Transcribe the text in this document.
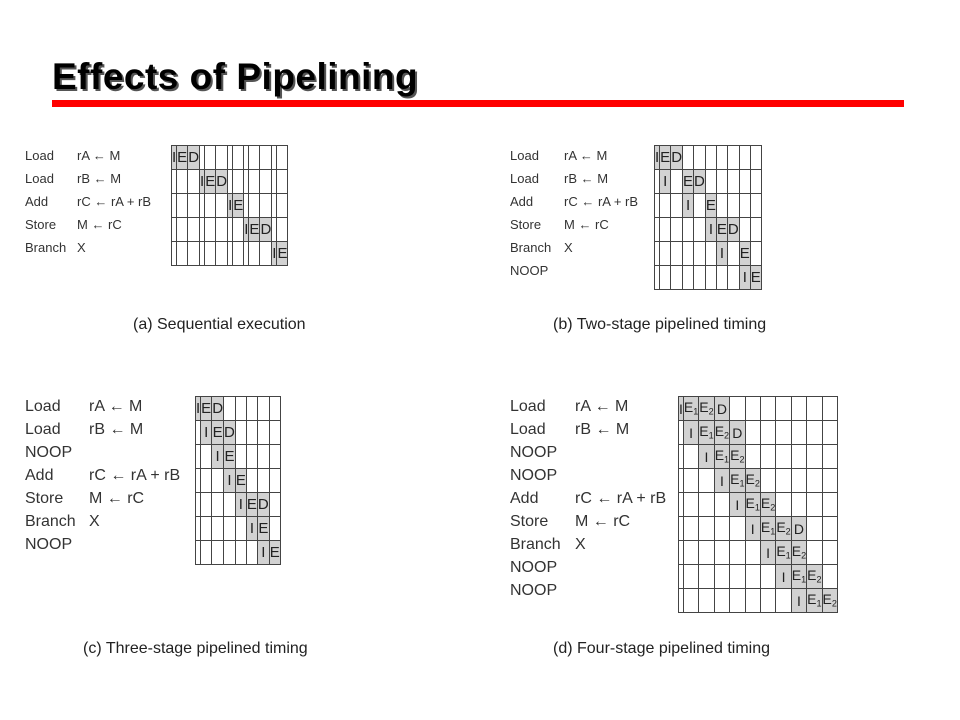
Effects of Pipelining
Load rA ← M
Load rB ← M
Add rC ← rA + rB
Store M ← rC
Branch X
I	E	D										
			I	E	D							
						I	E					
								I	E	D		
											I	E
(a) Sequential execution
Load rA ← M
Load rB ← M
Add rC ← rA + rB
Store M ← rC
Branch X
NOOP
I	E	D							
	I		E	D					
			I		E				
					I	E	D		
						I		E	
								I	E
(b) Two-stage pipelined timing
Load rA ← M
Load rB ← M
NOOP
Add rC ← rA + rB
Store M ← rC
Branch X
NOOP
I	E	D					
	I	E	D				
		I	E				
			I	E			
				I	E	D	
					I	E	
						I	E
(c) Three-stage pipelined timing
Load rA ← M
Load rB ← M
NOOP
NOOP
Add rC ← rA + rB
Store M ← rC
Branch X
NOOP
NOOP
I	$E_1$	$E_2$	D							
	I	$E_1$	$E_2$	D						
		I	$E_1$	$E_2$						
			I	$E_1$	$E_2$					
				I	$E_1$	$E_2$				
					I	$E_1$	$E_2$	D		
						I	$E_1$	$E_2$		
							I	$E_1$	$E_2$	
								I	$E_1$	$E_2$
(d) Four-stage pipelined timing
